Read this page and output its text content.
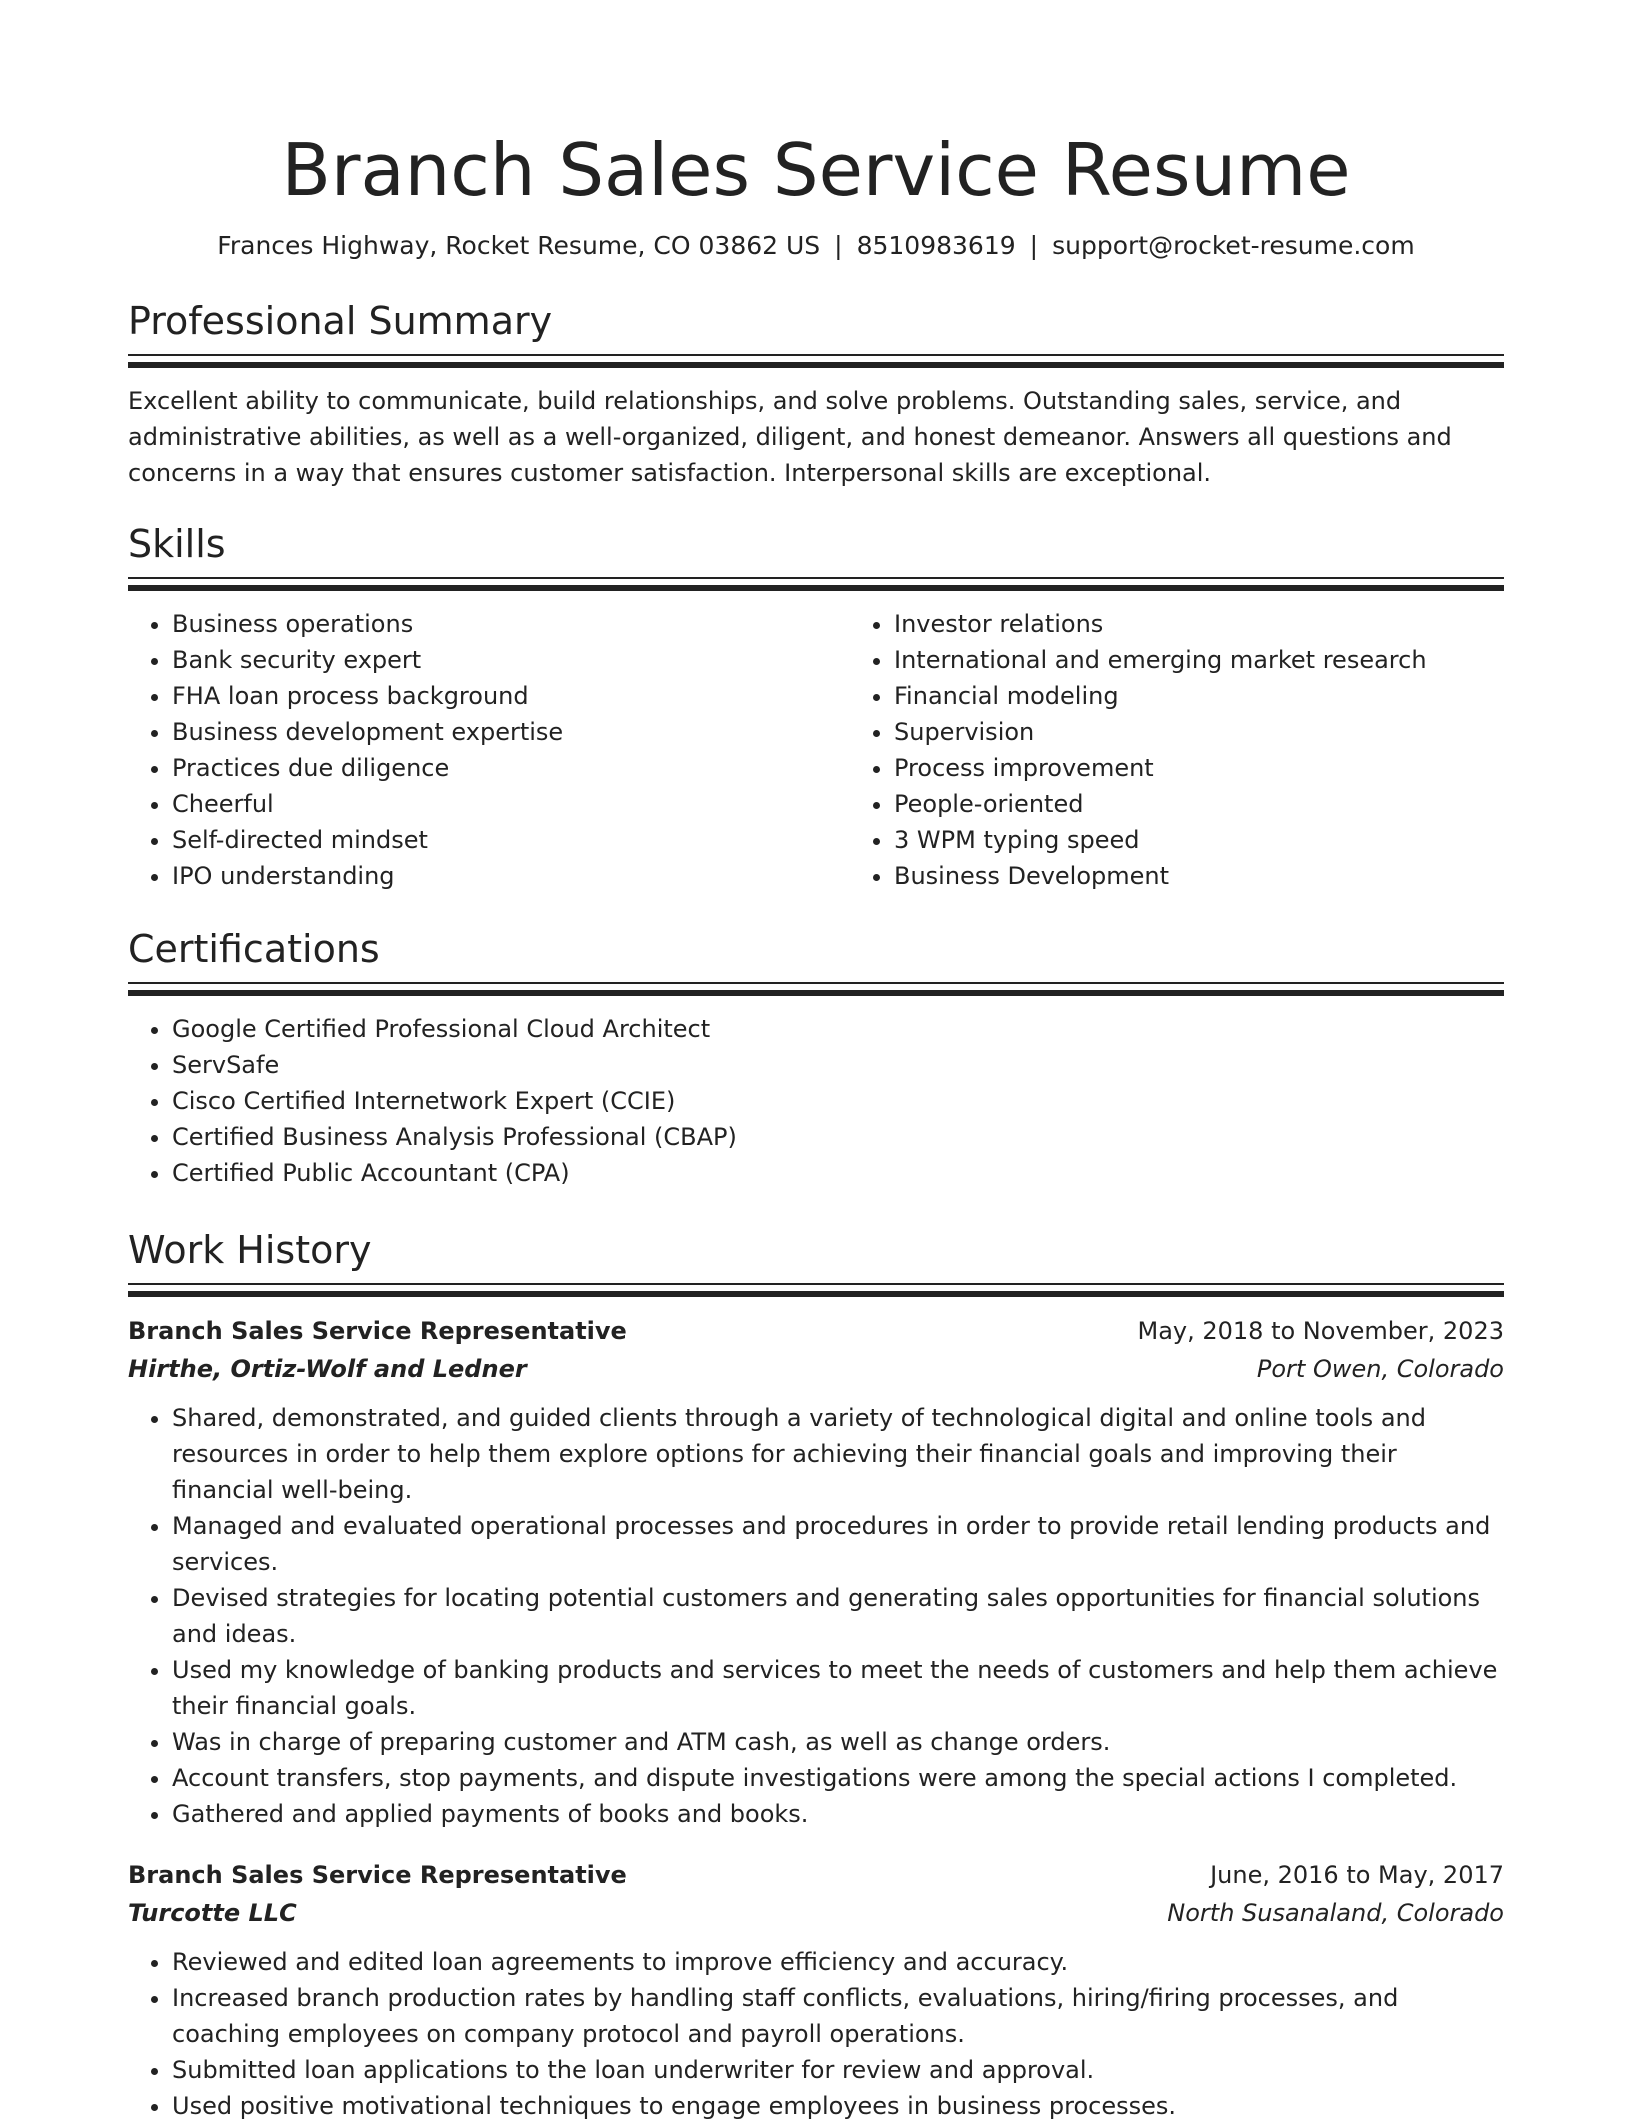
Branch Sales Service Resume
Frances Highway, Rocket Resume, CO 03862 US | 8510983619 | support@rocket-resume.com
Professional Summary

Excellent ability to communicate, build relationships, and solve problems. Outstanding sales, service, and administrative abilities, as well as a well-organized, diligent, and honest demeanor. Answers all questions and concerns in a way that ensures customer satisfaction. Interpersonal skills are exceptional.

Skills
• Business operations
• Bank security expert
• FHA loan process background
• Business development expertise
• Practices due diligence
• Cheerful
• Self-directed mindset
• IPO understanding
• Investor relations
• International and emerging market research
• Financial modeling
• Supervision
• Process improvement
• People-oriented
• 3 WPM typing speed
• Business Development
Certifications
• Google Certified Professional Cloud Architect
• ServSafe
• Cisco Certified Internetwork Expert (CCIE)
• Certified Business Analysis Professional (CBAP)
• Certified Public Accountant (CPA)
Work History
Branch Sales Service Representative	May, 2018 to November, 2023
Hirthe, Ortiz-Wolf and Ledner	Port Owen, Colorado
• Shared, demonstrated, and guided clients through a variety of technological digital and online tools and resources in order to help them explore options for achieving their financial goals and improving their financial well-being.
• Managed and evaluated operational processes and procedures in order to provide retail lending products and services.
• Devised strategies for locating potential customers and generating sales opportunities for financial solutions and ideas.
• Used my knowledge of banking products and services to meet the needs of customers and help them achieve their financial goals.
• Was in charge of preparing customer and ATM cash, as well as change orders.
• Account transfers, stop payments, and dispute investigations were among the special actions I completed.
• Gathered and applied payments of books and books.
Branch Sales Service Representative	June, 2016 to May, 2017
Turcotte LLC	North Susanaland, Colorado
• Reviewed and edited loan agreements to improve efficiency and accuracy.
• Increased branch production rates by handling staff conflicts, evaluations, hiring/firing processes, and coaching employees on company protocol and payroll operations.
• Submitted loan applications to the loan underwriter for review and approval.
• Used positive motivational techniques to engage employees in business processes.
